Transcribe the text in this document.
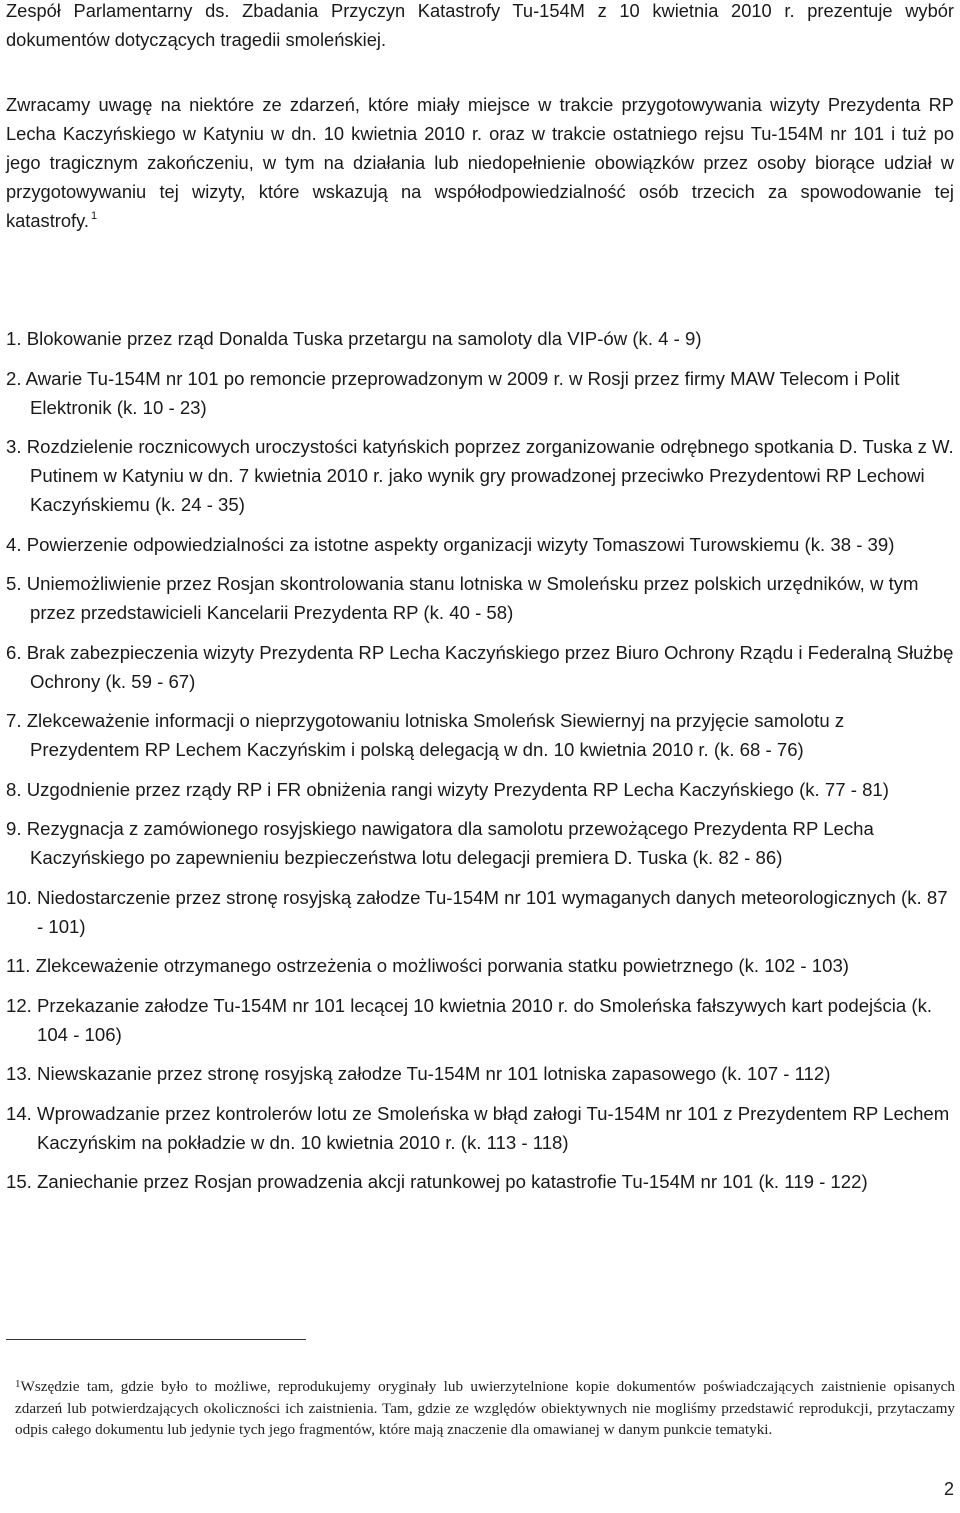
Zespół Parlamentarny ds. Zbadania Przyczyn Katastrofy Tu-154M z 10 kwietnia 2010 r. prezentuje wybór dokumentów dotyczących tragedii smoleńskiej.

Zwracamy uwagę na niektóre ze zdarzeń, które miały miejsce w trakcie przygotowywania wizyty Prezydenta RP Lecha Kaczyńskiego w Katyniu w dn. 10 kwietnia 2010 r. oraz w trakcie ostatniego rejsu Tu-154M nr 101 i tuż po jego tragicznym zakończeniu, w tym na działania lub niedopełnienie obowiązków przez osoby biorące udział w przygotowywaniu tej wizyty, które wskazują na współodpowiedzialność osób trzecich za spowodowanie tej katastrofy. $^1$

1. Blokowanie przez rząd Donalda Tuska przetargu na samoloty dla VIP-ów (k. 4 - 9)
2. Awarie Tu-154M nr 101 po remoncie przeprowadzonym w 2009 r. w Rosji przez firmy MAW Telecom i Polit Elektronik (k. 10 - 23)
3. Rozdzielenie rocznicowych uroczystości katyńskich poprzez zorganizowanie odrębnego spotkania D. Tuska z W. Putinem w Katyniu w dn. 7 kwietnia 2010 r. jako wynik gry prowadzonej przeciwko Prezydentowi RP Lechowi Kaczyńskiemu (k. 24 - 35)
4. Powierzenie odpowiedzialności za istotne aspekty organizacji wizyty Tomaszowi Turowskiemu (k. 38 - 39)
5. Uniemożliwienie przez Rosjan skontrolowania stanu lotniska w Smoleńsku przez polskich urzędników, w tym przez przedstawicieli Kancelarii Prezydenta RP (k. 40 - 58)
6. Brak zabezpieczenia wizyty Prezydenta RP Lecha Kaczyńskiego przez Biuro Ochrony Rządu i Federalną Służbę Ochrony (k. 59 - 67)
7. Zlekceważenie informacji o nieprzygotowaniu lotniska Smoleńsk Siewiernyj na przyjęcie samolotu z Prezydentem RP Lechem Kaczyńskim i polską delegacją w dn. 10 kwietnia 2010 r. (k. 68 - 76)
8. Uzgodnienie przez rządy RP i FR obniżenia rangi wizyty Prezydenta RP Lecha Kaczyńskiego (k. 77 - 81)
9. Rezygnacja z zamówionego rosyjskiego nawigatora dla samolotu przewożącego Prezydenta RP Lecha Kaczyńskiego po zapewnieniu bezpieczeństwa lotu delegacji premiera D. Tuska (k. 82 - 86)
10. Niedostarczenie przez stronę rosyjską załodze Tu-154M nr 101 wymaganych danych meteorologicznych (k. 87 - 101)
11. Zlekceważenie otrzymanego ostrzeżenia o możliwości porwania statku powietrznego (k. 102 - 103)
12. Przekazanie załodze Tu-154M nr 101 lecącej 10 kwietnia 2010 r. do Smoleńska fałszywych kart podejścia (k. 104 - 106)
13. Niewskazanie przez stronę rosyjską załodze Tu-154M nr 101 lotniska zapasowego (k. 107 - 112)
14. Wprowadzanie przez kontrolerów lotu ze Smoleńska w błąd załogi Tu-154M nr 101 z Prezydentem RP Lechem Kaczyńskim na pokładzie w dn. 10 kwietnia 2010 r. (k. 113 - 118)
15. Zaniechanie przez Rosjan prowadzenia akcji ratunkowej po katastrofie Tu-154M nr 101 (k. 119 - 122)

$^1$Wszędzie tam, gdzie było to możliwe, reprodukujemy oryginały lub uwierzytelnione kopie dokumentów poświadczających zaistnienie opisanych zdarzeń lub potwierdzających okoliczności ich zaistnienia. Tam, gdzie ze względów obiektywnych nie mogliśmy przedstawić reprodukcji, przytaczamy odpis całego dokumentu lub jedynie tych jego fragmentów, które mają znaczenie dla omawianej w danym punkcie tematyki.

2
